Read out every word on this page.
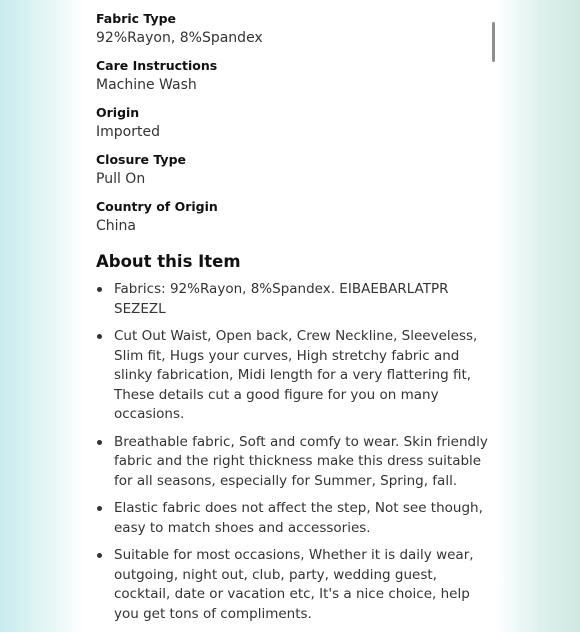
Fabric Type
92%Rayon, 8%Spandex
Care Instructions
Machine Wash
Origin
Imported
Closure Type
Pull On
Country of Origin
China
About this Item
Fabrics: 92%Rayon, 8%Spandex. EIBAEBARLATPR SEZEZL
Cut Out Waist, Open back, Crew Neckline, Sleeveless, Slim fit, Hugs your curves, High stretchy fabric and slinky fabrication, Midi length for a very flattering fit, These details cut a good figure for you on many occasions.
Breathable fabric, Soft and comfy to wear. Skin friendly fabric and the right thickness make this dress suitable for all seasons, especially for Summer, Spring, fall.
Elastic fabric does not affect the step, Not see though, easy to match shoes and accessories.
Suitable for most occasions, Whether it is daily wear, outgoing, night out, club, party, wedding guest, cocktail, date or vacation etc, It's a nice choice, help you get tons of compliments.
